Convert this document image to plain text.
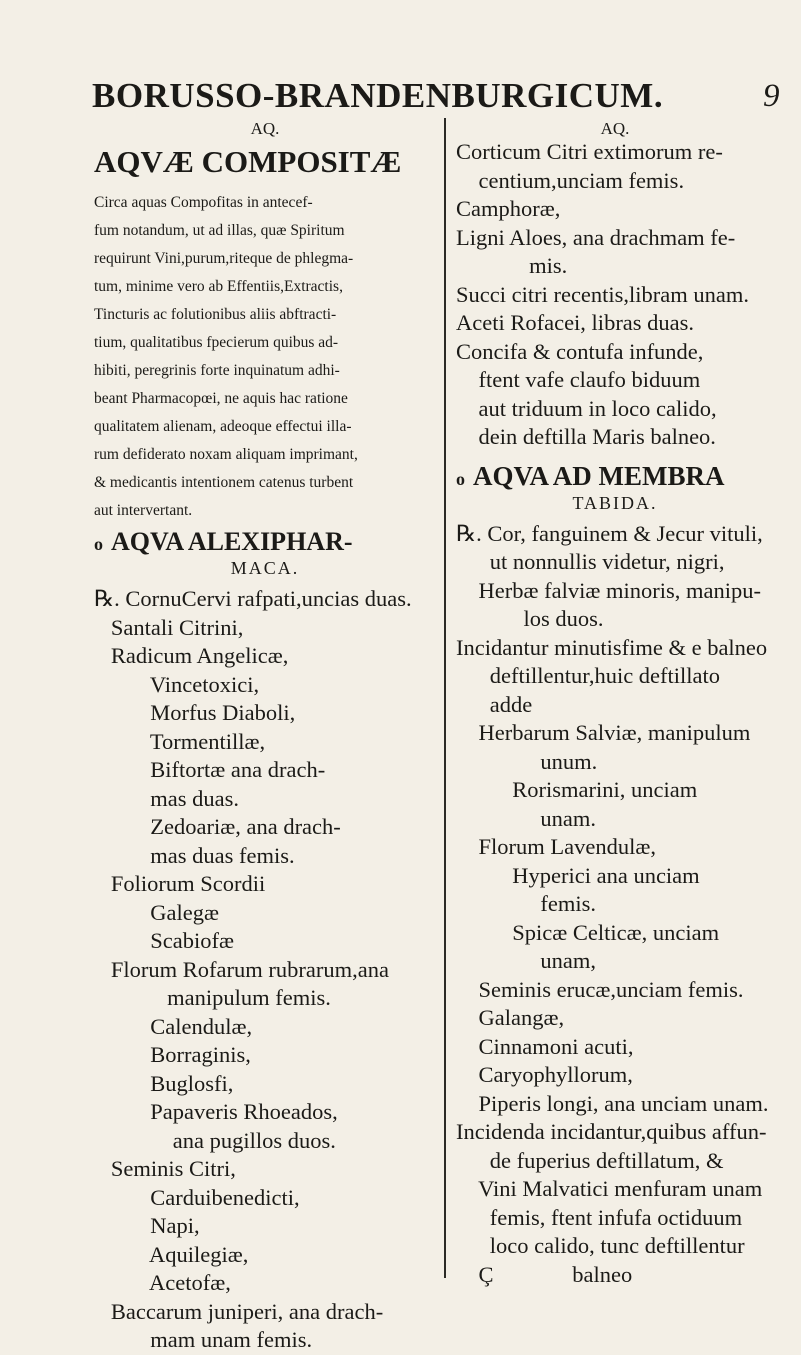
BORUSSO-BRANDENBURGICUM.	9

AQ.

AQVÆ COMPOSITÆ

Circa aquas Compofitas in antecef-

fum notandum, ut ad illas, quæ Spiritum

requirunt Vini,purum,riteque de phlegma-

tum, minime vero ab Effentiis,Extractis,

Tincturis ac folutionibus aliis abftracti-

tium, qualitatibus fpecierum quibus ad-

hibiti, peregrinis forte inquinatum adhi-

beant Pharmacopœi, ne aquis hac ratione

qualitatem alienam, adeoque effectui illa-

rum defiderato noxam aliquam imprimant,

& medicantis intentionem catenus turbent

aut intervertant.

o AQVA ALEXIPHAR-

MACA.

℞. CornuCervi rafpati,uncias duas.

Santali Citrini,

Radicum Angelicæ,

Vincetoxici,

Morfus Diaboli,

Tormentillæ,

Biftortæ ana drach-

mas duas.

Zedoariæ, ana drach-

mas duas femis.

Foliorum Scordii

Galegæ

Scabiofæ

Florum Rofarum rubrarum,ana

manipulum femis.

Calendulæ,

Borraginis,

Buglosfi,

Papaveris Rhoeados,

ana pugillos duos.

Seminis Citri,

Carduibenedicti,

Napi,

Aquilegiæ,

Acetofæ,

Baccarum juniperi, ana drach-

mam unam femis.

AQ.

Corticum Citri extimorum re-

centium,unciam femis.

Camphoræ,

Ligni Aloes, ana drachmam fe-

mis.

Succi citri recentis,libram unam.

Aceti Rofacei, libras duas.

Concifa & contufa infunde,

ftent vafe claufo biduum

aut triduum in loco calido,

dein deftilla Maris balneo.

o AQVA AD MEMBRA

TABIDA.

℞. Cor, fanguinem & Jecur vituli,

ut nonnullis videtur, nigri,

Herbæ falviæ minoris, manipu-

los duos.

Incidantur minutisfime & e balneo

deftillentur,huic deftillato

adde

Herbarum Salviæ, manipulum

unum.

Rorismarini, unciam

unam.

Florum Lavendulæ,

Hyperici ana unciam

femis.

Spicæ Celticæ, unciam

unam,

Seminis erucæ,unciam femis.

Galangæ,

Cinnamoni acuti,

Caryophyllorum,

Piperis longi, ana unciam unam.

Incidenda incidantur,quibus affun-

de fuperius deftillatum, &

Vini Malvatici menfuram unam

femis, ftent infufa octiduum

loco calido, tunc deftillentur

Ç              balneo
